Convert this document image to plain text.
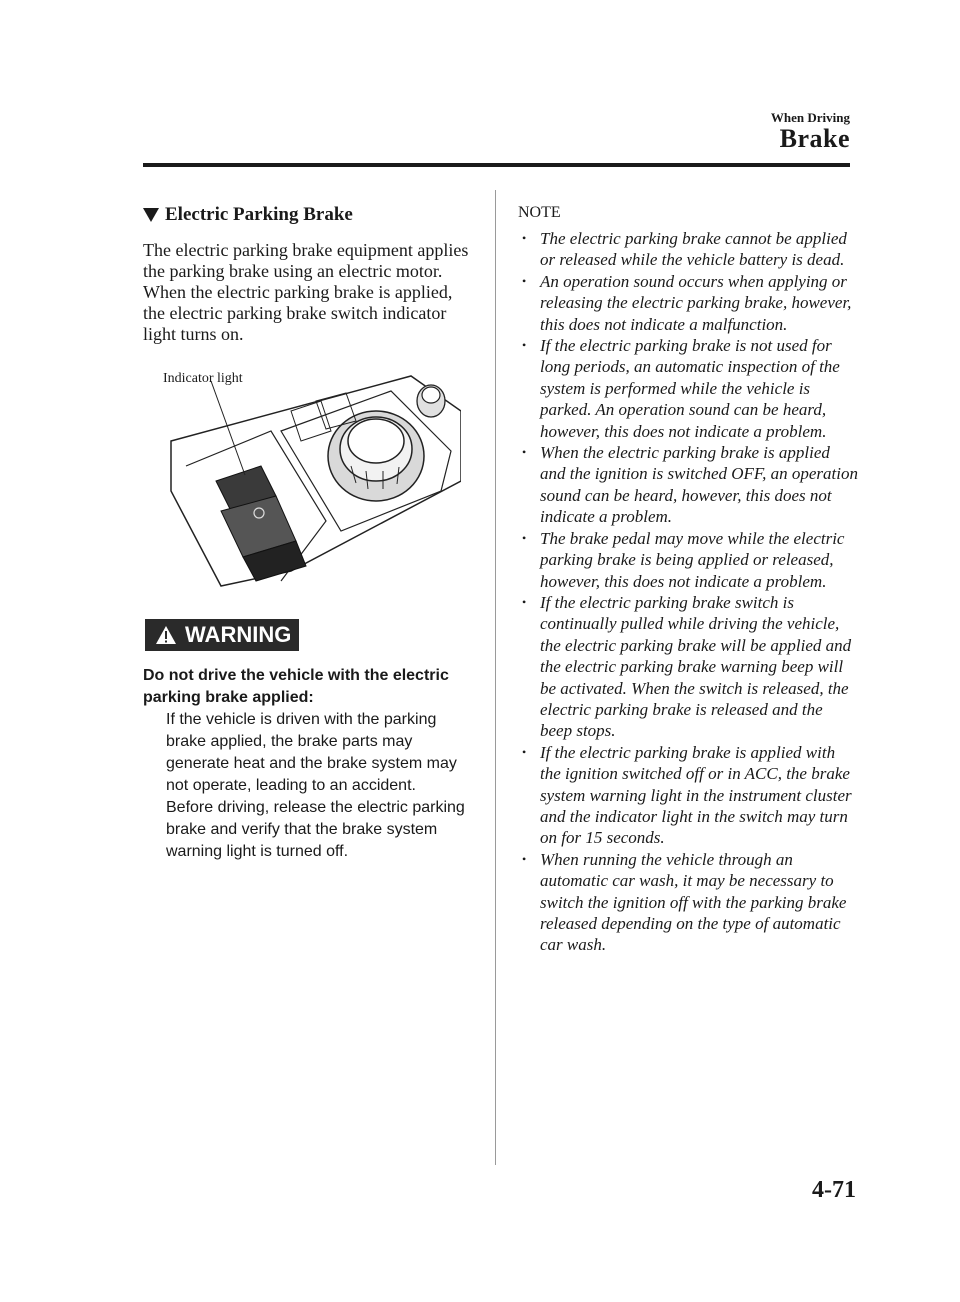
When Driving
Brake
Electric Parking Brake

The electric parking brake equipment applies the parking brake using an electric motor. When the electric parking brake is applied, the electric parking brake switch indicator light turns on.

Indicator light
WARNING

Do not drive the vehicle with the electric parking brake applied:

If the vehicle is driven with the parking brake applied, the brake parts may generate heat and the brake system may not operate, leading to an accident.

Before driving, release the electric parking brake and verify that the brake system warning light is turned off.

NOTE

• The electric parking brake cannot be applied or released while the vehicle battery is dead.
• An operation sound occurs when applying or releasing the electric parking brake, however, this does not indicate a malfunction.
• If the electric parking brake is not used for long periods, an automatic inspection of the system is performed while the vehicle is parked. An operation sound can be heard, however, this does not indicate a problem.
• When the electric parking brake is applied and the ignition is switched OFF, an operation sound can be heard, however, this does not indicate a problem.
• The brake pedal may move while the electric parking brake is being applied or released, however, this does not indicate a problem.
• If the electric parking brake switch is continually pulled while driving the vehicle, the electric parking brake will be applied and the electric parking brake warning beep will be activated. When the switch is released, the electric parking brake is released and the beep stops.
• If the electric parking brake is applied with the ignition switched off or in ACC, the brake system warning light in the instrument cluster and the indicator light in the switch may turn on for 15 seconds.
• When running the vehicle through an automatic car wash, it may be necessary to switch the ignition off with the parking brake released depending on the type of automatic car wash.
4-71
